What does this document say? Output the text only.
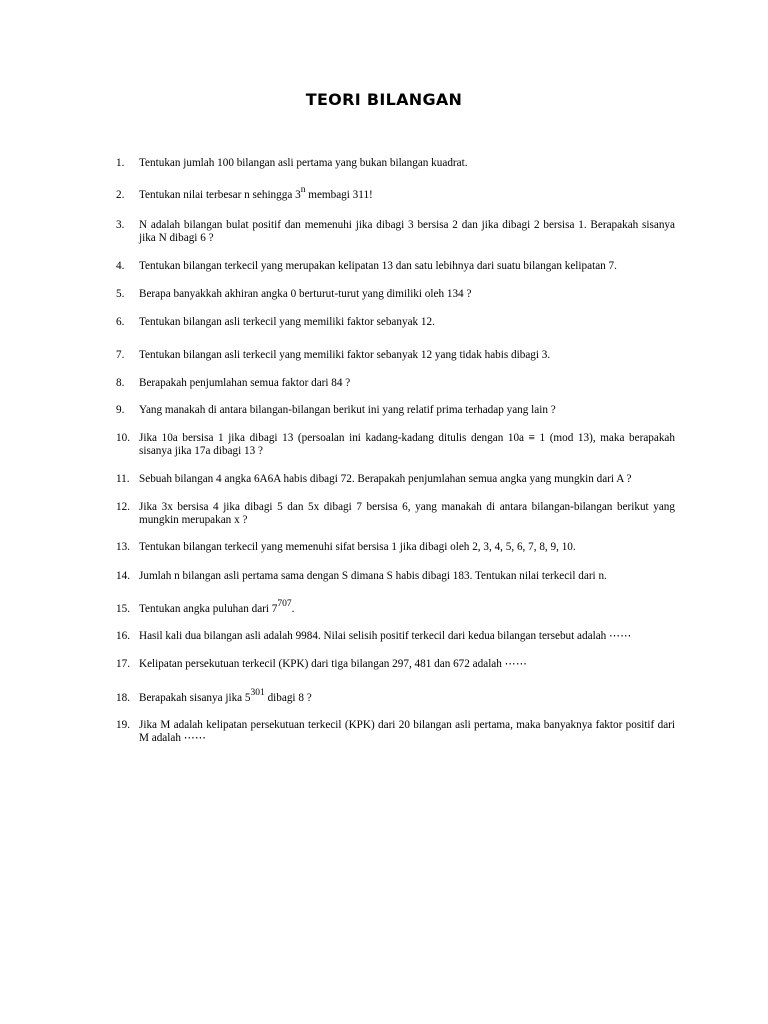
TEORI BILANGAN
1.	Tentukan jumlah 100 bilangan asli pertama yang bukan bilangan kuadrat.
2.	Tentukan nilai terbesar n sehingga 3$^n$ membagi 311!
3.	N adalah bilangan bulat positif dan memenuhi jika dibagi 3 bersisa 2 dan jika dibagi 2 bersisa 1. Berapakah sisanya jika N dibagi 6 ?
4.	Tentukan bilangan terkecil yang merupakan kelipatan 13 dan satu lebihnya dari suatu bilangan kelipatan 7.
5.	Berapa banyakkah akhiran angka 0 berturut-turut yang dimiliki oleh 134 ?
6.	Tentukan bilangan asli terkecil yang memiliki faktor sebanyak 12.
7.	Tentukan bilangan asli terkecil yang memiliki faktor sebanyak 12 yang tidak habis dibagi 3.
8.	Berapakah penjumlahan semua faktor dari 84 ?
9.	Yang manakah di antara bilangan-bilangan berikut ini yang relatif prima terhadap yang lain ?
10. Jika 10a bersisa 1 jika dibagi 13 (persoalan ini kadang-kadang ditulis dengan 10a ≡ 1 (mod 13), maka berapakah sisanya jika 17a dibagi 13 ?
11. Sebuah bilangan 4 angka 6A6A habis dibagi 72. Berapakah penjumlahan semua angka yang mungkin dari A ?
12. Jika 3x bersisa 4 jika dibagi 5 dan 5x dibagi 7 bersisa 6, yang manakah di antara bilangan-bilangan berikut yang mungkin merupakan x ?
13. Tentukan bilangan terkecil yang memenuhi sifat bersisa 1 jika dibagi oleh 2, 3, 4, 5, 6, 7, 8, 9, 10.
14. Jumlah n bilangan asli pertama sama dengan S dimana S habis dibagi 183. Tentukan nilai terkecil dari n.
15. Tentukan angka puluhan dari $7^{707}$.
16. Hasil kali dua bilangan asli adalah 9984. Nilai selisih positif terkecil dari kedua bilangan tersebut adalah ⋯⋯
17. Kelipatan persekutuan terkecil (KPK) dari tiga bilangan 297, 481 dan 672 adalah ⋯⋯
18. Berapakah sisanya jika $5^{301}$ dibagi 8 ?
19. Jika M adalah kelipatan persekutuan terkecil (KPK) dari 20 bilangan asli pertama, maka banyaknya faktor positif dari M adalah ⋯⋯
